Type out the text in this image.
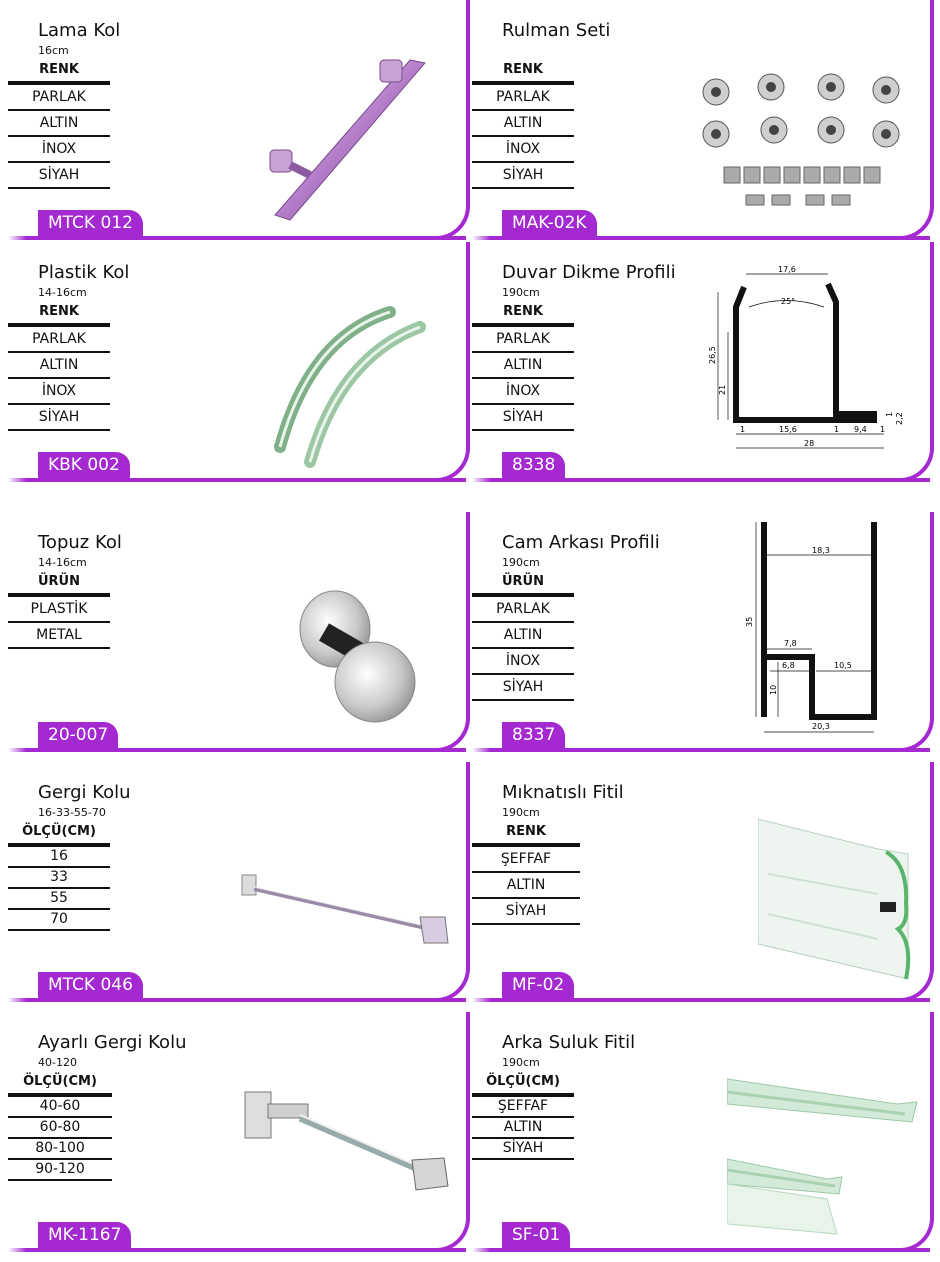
Lama Kol
16cm
RENK
PARLAK
ALTIN
İNOX
SİYAH
MTCK 012
Rulman Seti
RENK
PARLAK
ALTIN
İNOX
SİYAH
MAK-02K
Plastik Kol
14-16cm
RENK
PARLAK
ALTIN
İNOX
SİYAH
KBK 002
Duvar Dikme Profili
190cm
RENK
PARLAK
ALTIN
İNOX
SİYAH
8338
17,6
25°
26,5
21
1	15,6	1 9,4 1
28
2,2
1
Topuz Kol
14-16cm
ÜRÜN
PLASTİK
METAL
20-007
Cam Arkası Profili
190cm
ÜRÜN
PARLAK
ALTIN
İNOX
SİYAH
8337
18,3
35
7,8
6,8	10,5
10
20,3
Gergi Kolu
16-33-55-70
ÖLÇÜ(CM)
16
33
55
70
MTCK 046
Mıknatıslı Fitil
190cm
RENK
ŞEFFAF
ALTIN
SİYAH
MF-02
Ayarlı Gergi Kolu
40-120
ÖLÇÜ(CM)
40-60
60-80
80-100
90-120
MK-1167
Arka Suluk Fitil
190cm
ÖLÇÜ(CM)
ŞEFFAF
ALTIN
SİYAH
SF-01
